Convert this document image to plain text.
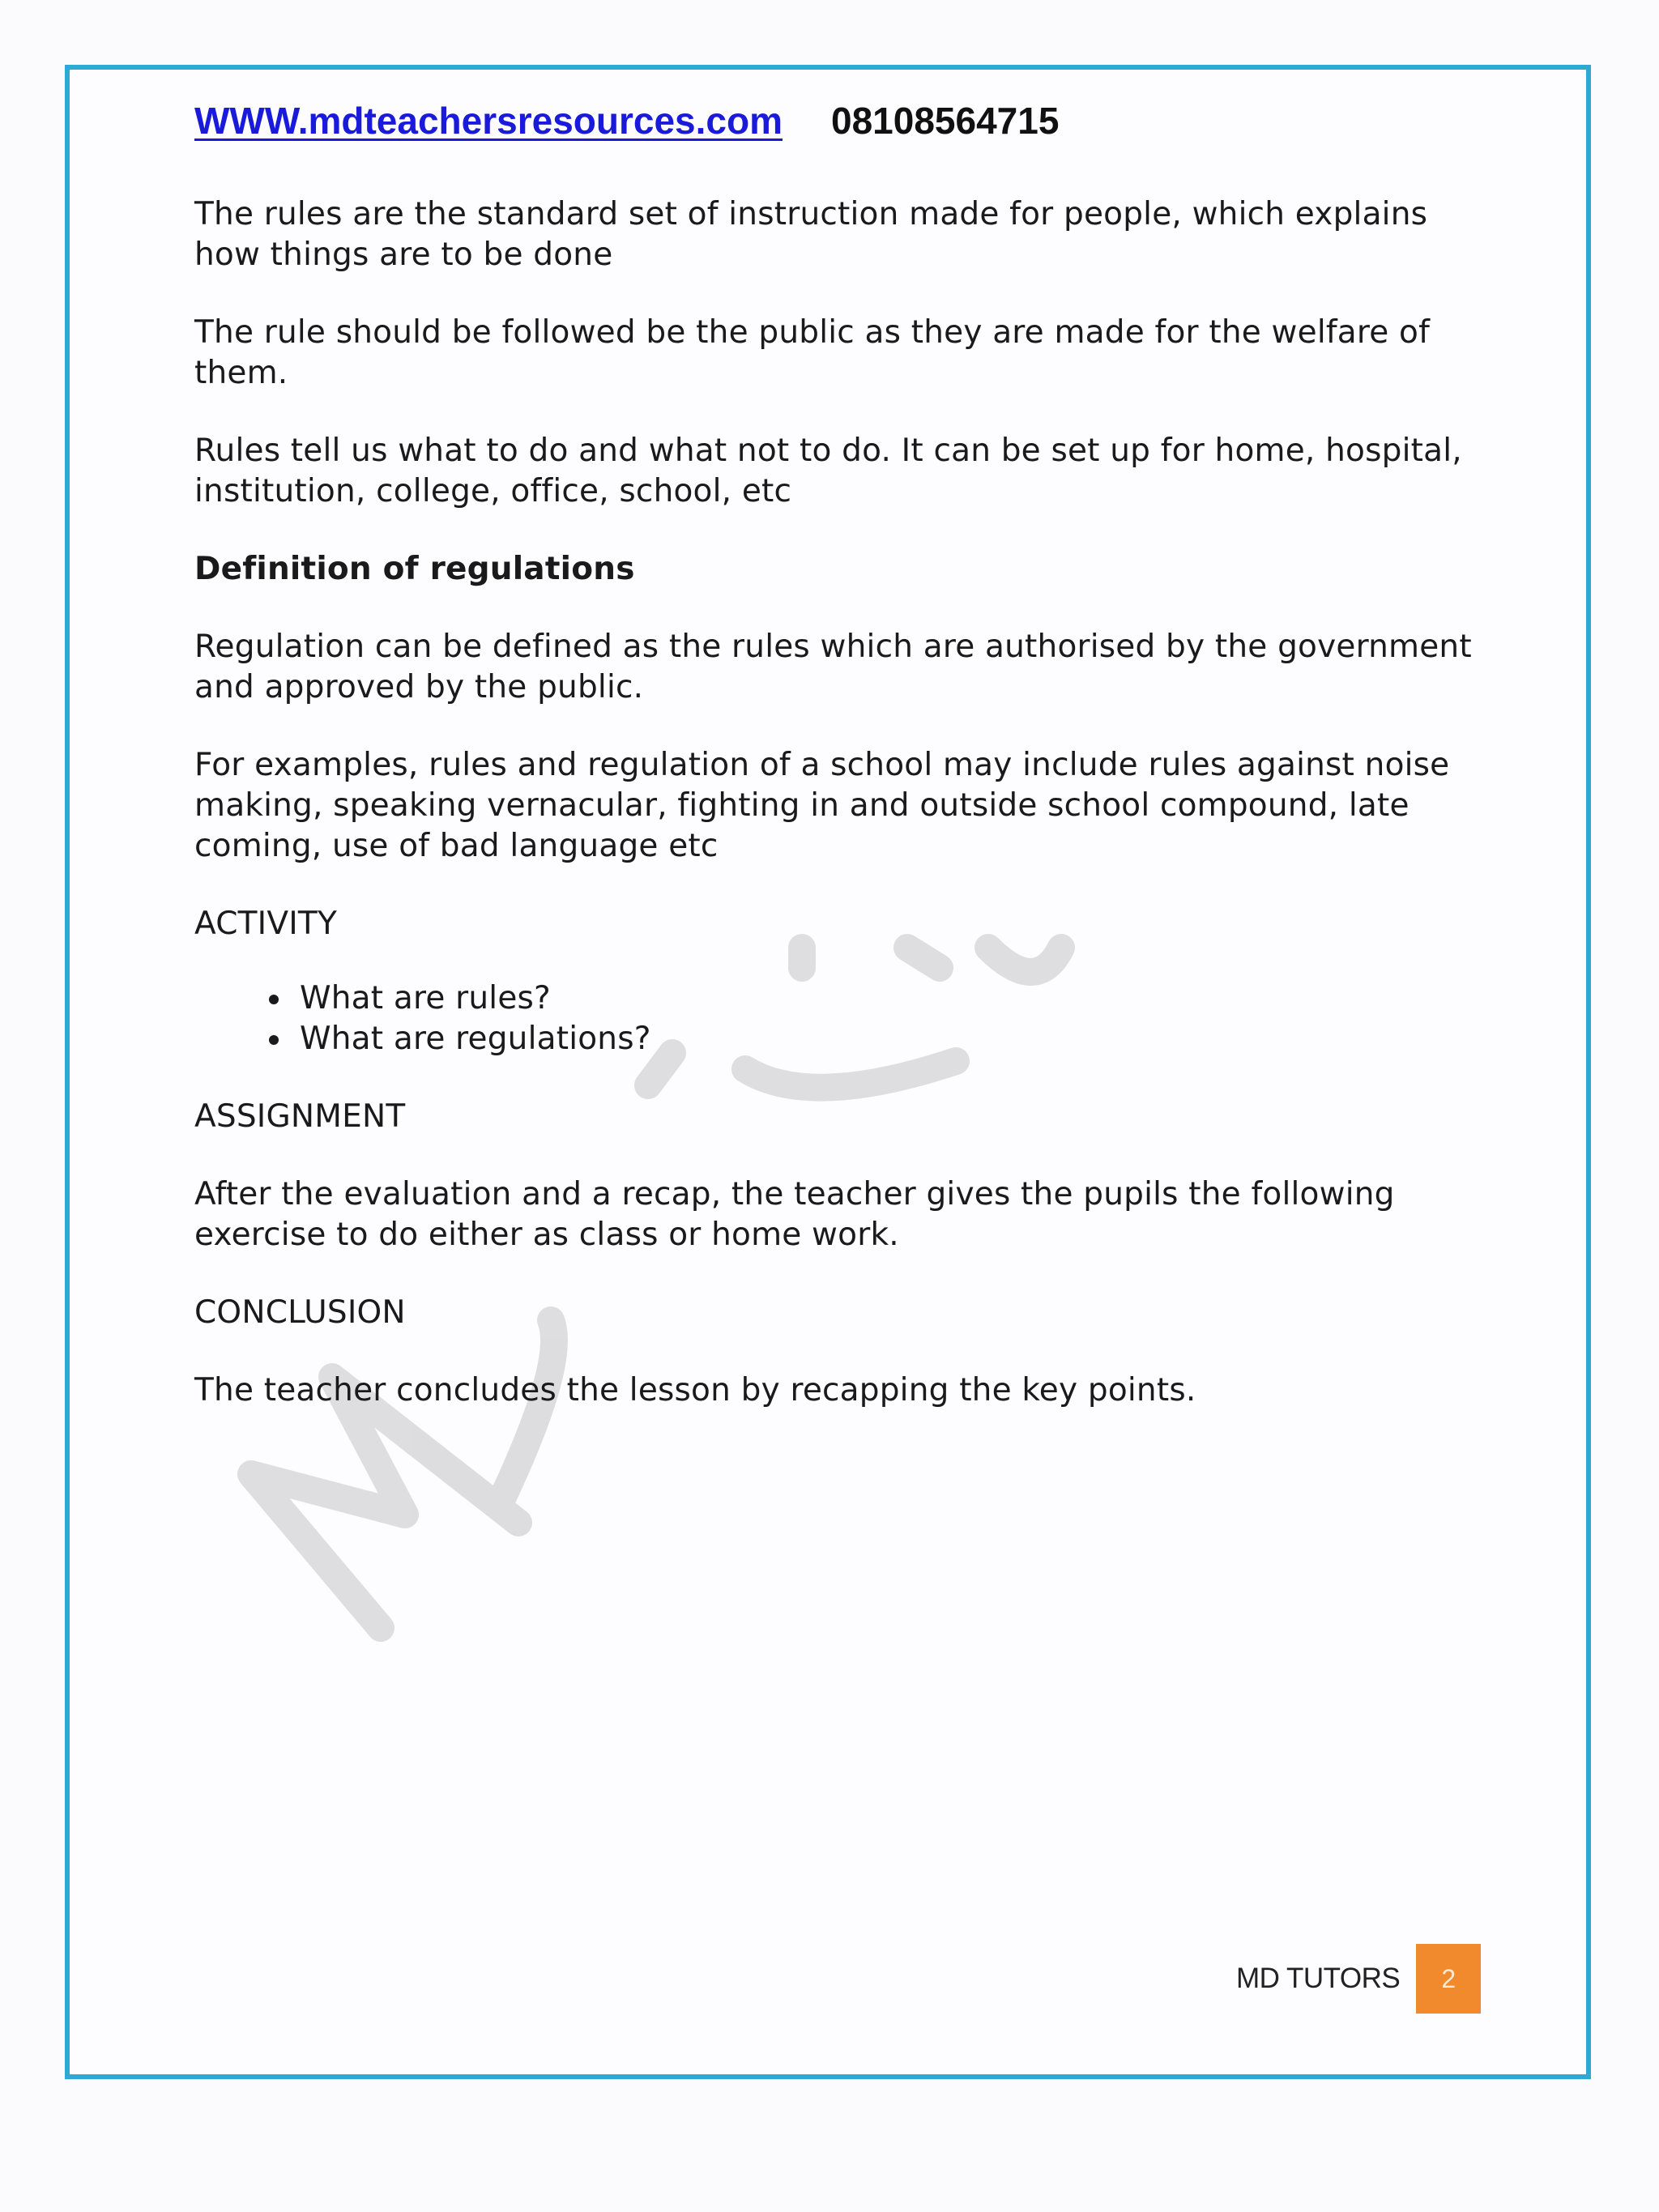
WWW.mdteachersresources.com 08108564715

The rules are the standard set of instruction made for people, which explains how things are to be done

The rule should be followed be the public as they are made for the welfare of them.

Rules tell us what to do and what not to do. It can be set up for home, hospital, institution, college, office, school, etc

Definition of regulations

Regulation can be defined as the rules which are authorised by the government and approved by the public.

For examples, rules and regulation of a school may include rules against noise making, speaking vernacular, fighting in and outside school compound, late coming, use of bad language etc

ACTIVITY

• What are rules?
• What are regulations?

ASSIGNMENT

After the evaluation and a recap, the teacher gives the pupils the following exercise to do either as class or home work.

CONCLUSION

The teacher concludes the lesson by recapping the key points.

MD TUTORS	2
